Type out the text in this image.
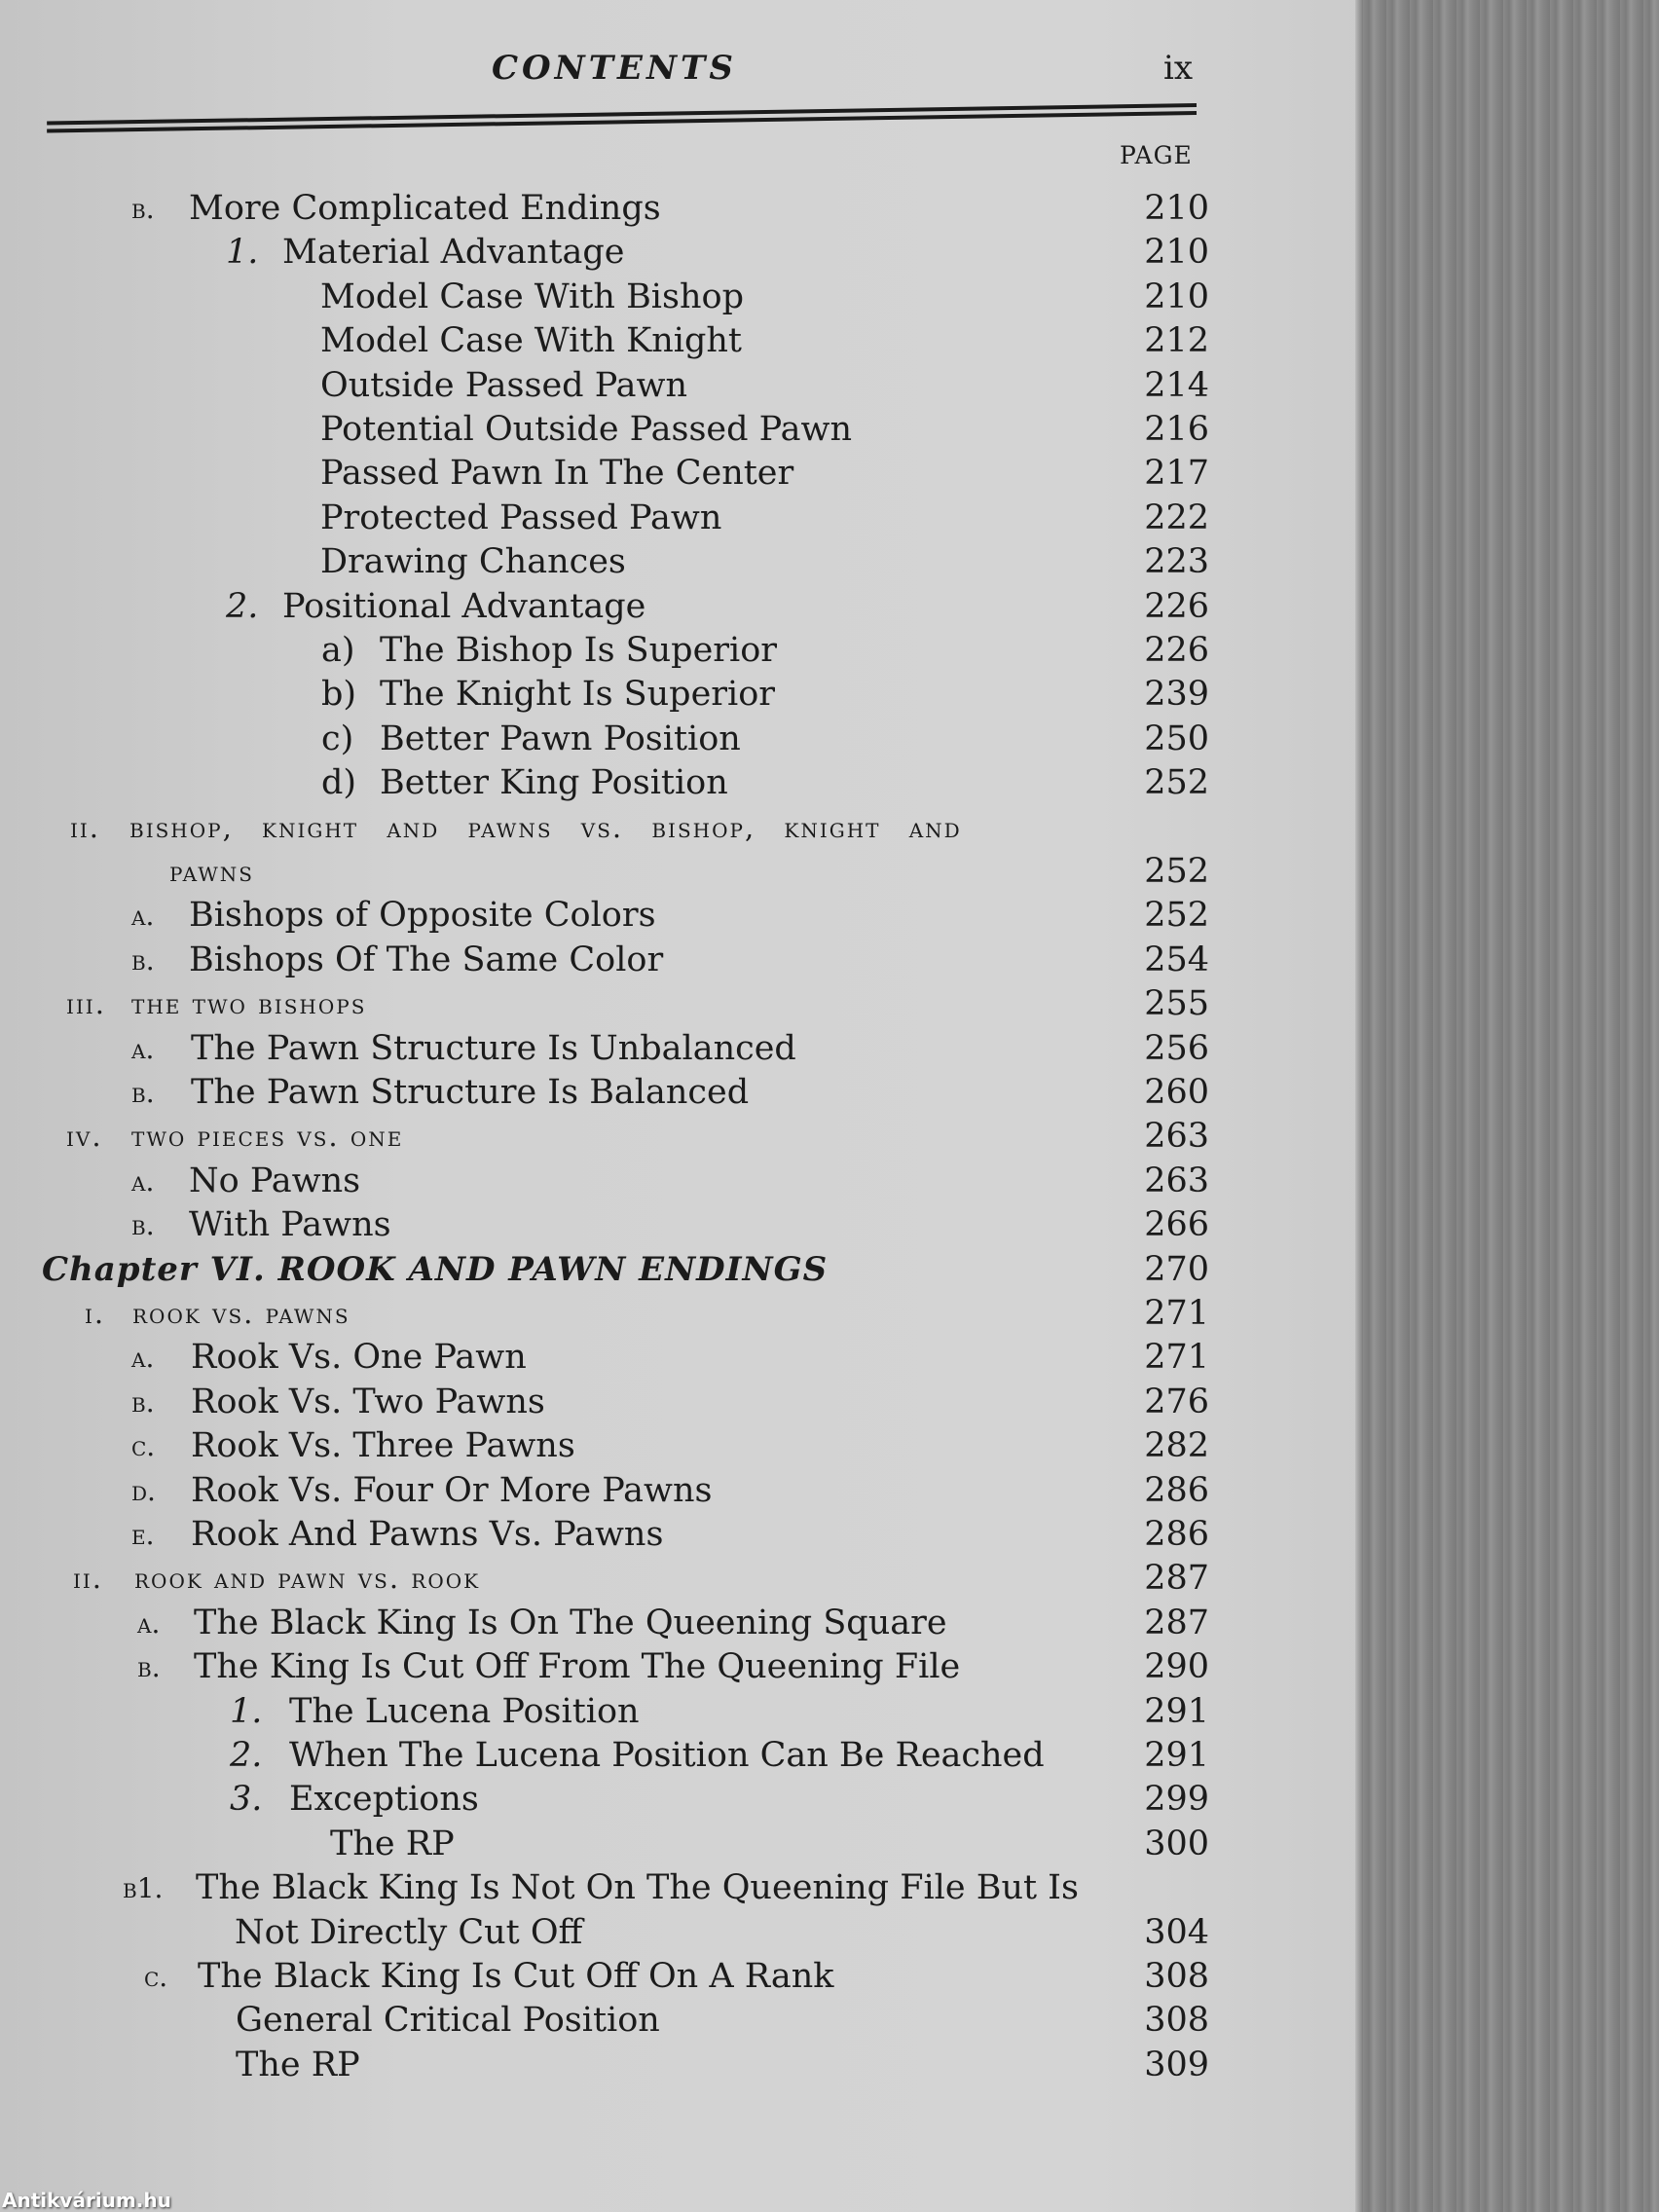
CONTENTS	ix
PAGE
b. More Complicated Endings	210
1. Material Advantage	210
Model Case With Bishop	210
Model Case With Knight	212
Outside Passed Pawn	214
Potential Outside Passed Pawn	216
Passed Pawn In The Center	217
Protected Passed Pawn	222
Drawing Chances	223
2. Positional Advantage	226
a) The Bishop Is Superior	226
b) The Knight Is Superior	239
c) Better Pawn Position	250
d) Better King Position	252
ii. bishop, knight and pawns vs. bishop, knight and
pawns	252
a. Bishops of Opposite Colors	252
b. Bishops Of The Same Color	254
iii. the two bishops	255
a. The Pawn Structure Is Unbalanced	256
b. The Pawn Structure Is Balanced	260
iv. two pieces vs. one	263
a. No Pawns	263
b. With Pawns	266
Chapter VI. ROOK AND PAWN ENDINGS	270
i. rook vs. pawns	271
a. Rook Vs. One Pawn	271
b. Rook Vs. Two Pawns	276
c. Rook Vs. Three Pawns	282
d. Rook Vs. Four Or More Pawns	286
e. Rook And Pawns Vs. Pawns	286
ii. rook and pawn vs. rook	287
a. The Black King Is On The Queening Square	287
b. The King Is Cut Off From The Queening File	290
1. The Lucena Position	291
2. When The Lucena Position Can Be Reached	291
3. Exceptions	299
The RP	300
b1. The Black King Is Not On The Queening File But Is
Not Directly Cut Off	304
c. The Black King Is Cut Off On A Rank	308
General Critical Position	308
The RP	309
Antikvárium.hu
